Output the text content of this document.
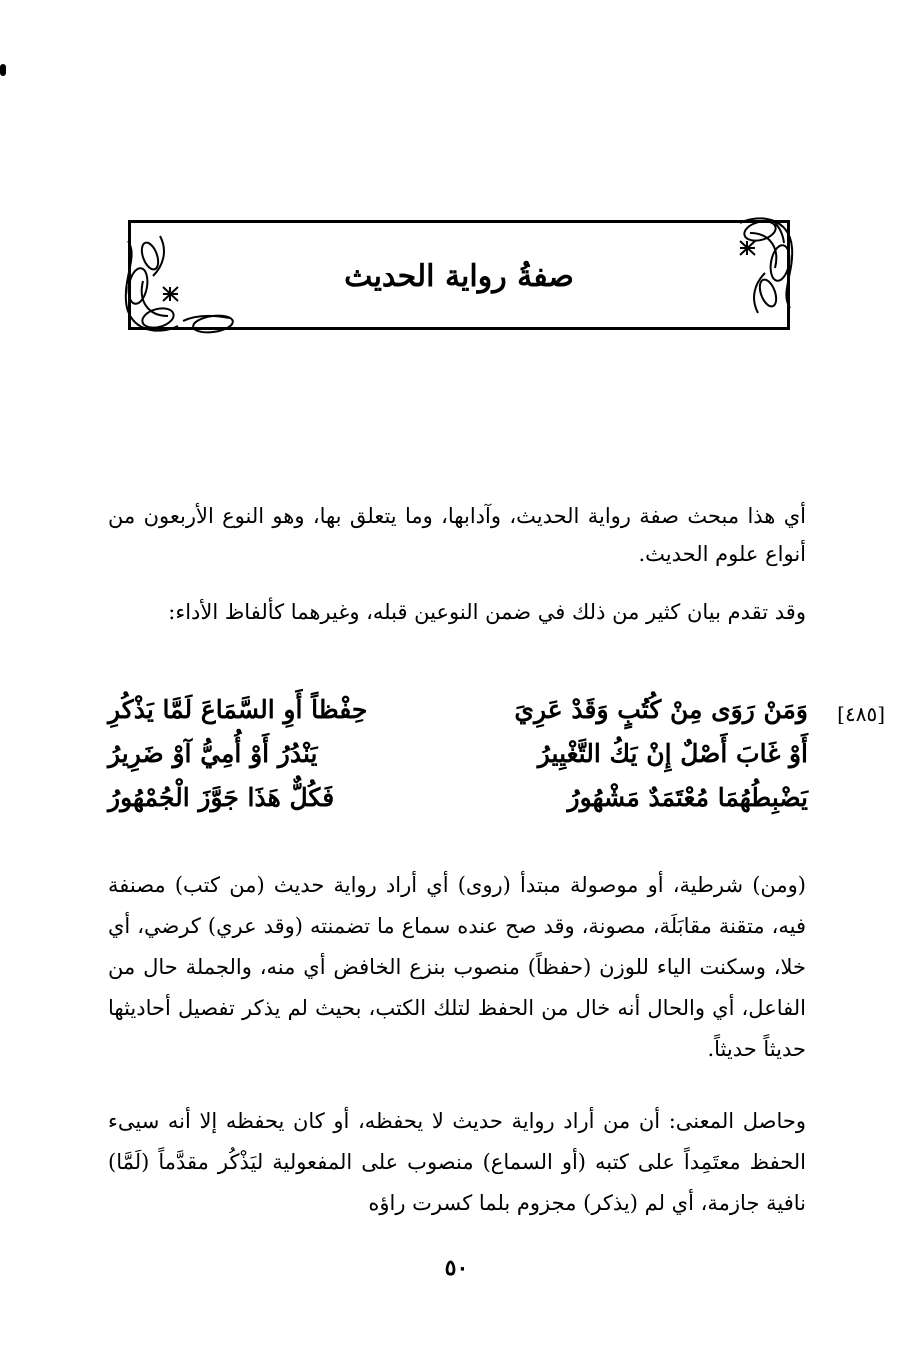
صفةُ رواية الحديث
أي هذا مبحث صفة رواية الحديث، وآدابها، وما يتعلق بها، وهو النوع الأربعون من أنواع علوم الحديث.
وقد تقدم بيان كثير من ذلك في ضمن النوعين قبله، وغيرهما كألفاظ الأداء:
[٤٨٥]
وَمَنْ رَوَى مِنْ كُتُبٍ وَقَدْ عَرِيَ
حِفْظاً أَوِ السَّمَاعَ لَمَّا يَذْكُرِ
أَوْ غَابَ أَصْلٌ إِنْ يَكُ التَّغْيِيرُ
يَنْدُرُ أَوْ أُمِيُّ آوْ ضَرِيرُ
يَضْبِطُهُمَا مُعْتَمَدٌ مَشْهُورُ
فَكُلٌّ هَذَا جَوَّزَ الْجُمْهُورُ
(ومن) شرطية، أو موصولة مبتدأ (روى) أي أراد رواية حديث (من كتب) مصنفة فيه، متقنة مقابَلَة، مصونة، وقد صح عنده سماع ما تضمنته (وقد عري) كرضي، أي خلا، وسكنت الياء للوزن (حفظاً) منصوب بنزع الخافض أي منه، والجملة حال من الفاعل، أي والحال أنه خال من الحفظ لتلك الكتب، بحيث لم يذكر تفصيل أحاديثها حديثاً حديثاً.
وحاصل المعنى: أن من أراد رواية حديث لا يحفظه، أو كان يحفظه إلا أنه سيىء الحفظ معتَمِداً على كتبه (أو السماع) منصوب على المفعولية ليَذْكُر مقدَّماً (لَمَّا) نافية جازمة، أي لم (يذكر) مجزوم بلما كسرت راؤه
٥٠
